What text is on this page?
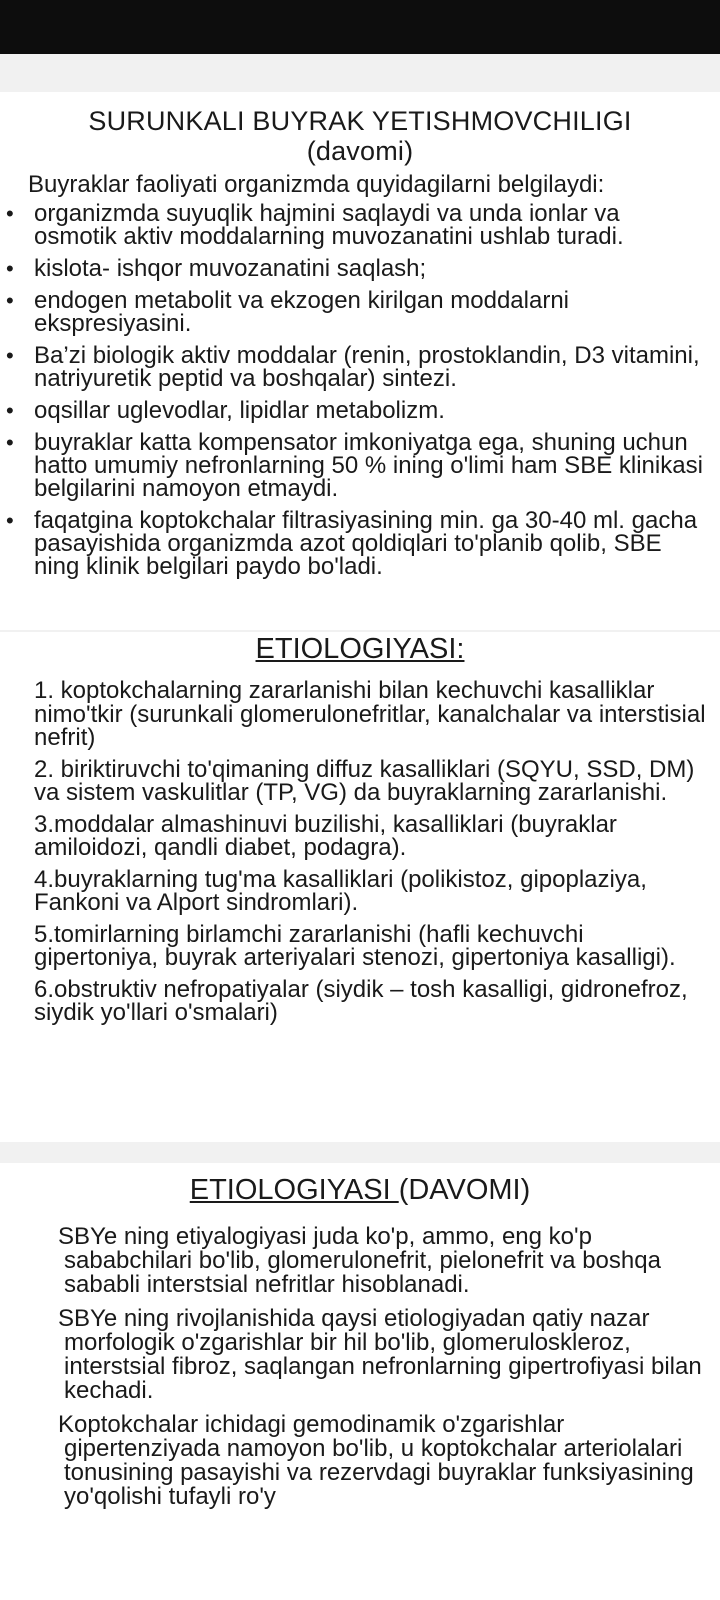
SURUNKALI BUYRAK YETISHMOVCHILIGI
(davomi)

Buyraklar faoliyati organizmda quyidagilarni belgilaydi:

• organizmda suyuqlik hajmini saqlaydi va unda ionlar va osmotik aktiv moddalarning muvozanatini ushlab turadi.
• kislota- ishqor muvozanatini saqlash;
• endogen metabolit va ekzogen kirilgan moddalarni ekspresiyasini.
• Ba’zi biologik aktiv moddalar (renin, prostoklandin, D3 vitamini, natriyuretik peptid va boshqalar) sintezi.
• oqsillar uglevodlar, lipidlar metabolizm.
• buyraklar katta kompensator imkoniyatga ega, shuning uchun hatto umumiy nefronlarning 50 % ining o'limi ham SBE klinikasi belgilarini namoyon etmaydi.
• faqatgina koptokchalar filtrasiyasining min. ga 30-40 ml. gacha pasayishida organizmda azot qoldiqlari to'planib qolib, SBE ning klinik belgilari paydo bo'ladi.
ETIOLOGIYASI:
1. koptokchalarning zararlanishi bilan kechuvchi kasalliklar nimo'tkir (surunkali glomerulonefritlar, kanalchalar va interstisial nefrit)
2. biriktiruvchi to'qimaning diffuz kasalliklari (SQYU, SSD, DM) va sistem vaskulitlar (TP, VG) da buyraklarning zararlanishi.
3.moddalar almashinuvi buzilishi, kasalliklari (buyraklar amiloidozi, qandli diabet, podagra).
4.buyraklarning tug'ma kasalliklari (polikistoz, gipoplaziya, Fankoni va Alport sindromlari).
5.tomirlarning birlamchi zararlanishi (hafli kechuvchi gipertoniya, buyrak arteriyalari stenozi, gipertoniya kasalligi).
6.obstruktiv nefropatiyalar (siydik – tosh kasalligi, gidronefroz, siydik yo'llari o'smalari)
ETIOLOGIYASI (DAVOMI)
SBYe ning etiyalogiyasi juda ko'p, ammo, eng ko'p sababchilari bo'lib, glomerulonefrit, pielonefrit va boshqa sababli interstsial nefritlar hisoblanadi.
SBYe ning rivojlanishida qaysi etiologiyadan qatiy nazar morfologik o'zgarishlar bir hil bo'lib, glomeruloskleroz, interstsial fibroz, saqlangan nefronlarning gipertrofiyasi bilan kechadi.
Koptokchalar ichidagi gemodinamik o'zgarishlar gipertenziyada namoyon bo'lib, u koptokchalar arteriolalari tonusining pasayishi va rezervdagi buyraklar funksiyasining yo'qolishi tufayli ro'y
